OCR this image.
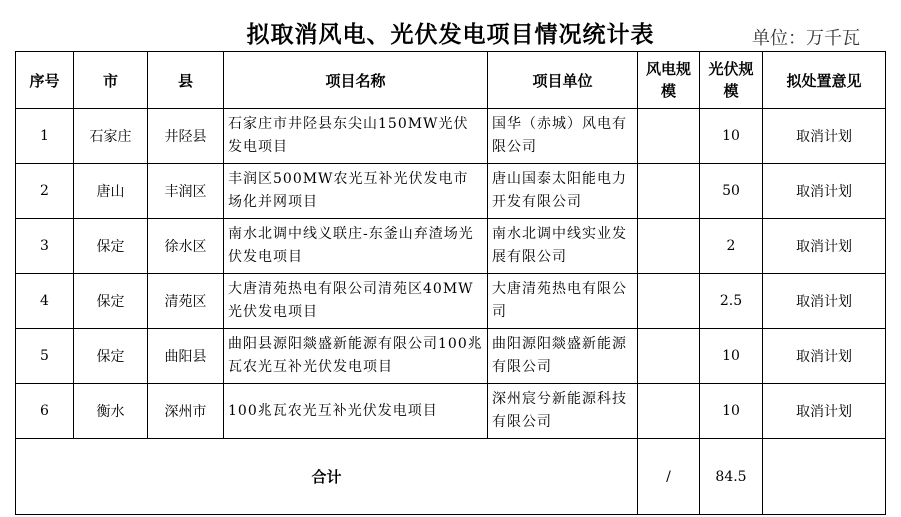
拟取消风电、光伏发电项目情况统计表	单位：万千瓦
序号	市	县	项目名称	项目单位	风电规模	光伏规模	拟处置意见
1	石家庄	井陉县	石家庄市井陉县东尖山150MW光伏发电项目	国华（赤城）风电有限公司		10	取消计划
2	唐山	丰润区	丰润区500MW农光互补光伏发电市场化并网项目	唐山国泰太阳能电力开发有限公司		50	取消计划
3	保定	徐水区	南水北调中线义联庄-东釜山弃渣场光伏发电项目	南水北调中线实业发展有限公司		2	取消计划
4	保定	清苑区	大唐清苑热电有限公司清苑区40MW光伏发电项目	大唐清苑热电有限公司		2.5	取消计划
5	保定	曲阳县	曲阳县源阳燚盛新能源有限公司100兆瓦农光互补光伏发电项目	曲阳源阳燚盛新能源有限公司		10	取消计划
6	衡水	深州市	100兆瓦农光互补光伏发电项目	深州宸兮新能源科技有限公司		10	取消计划
合计					/	84.5	
